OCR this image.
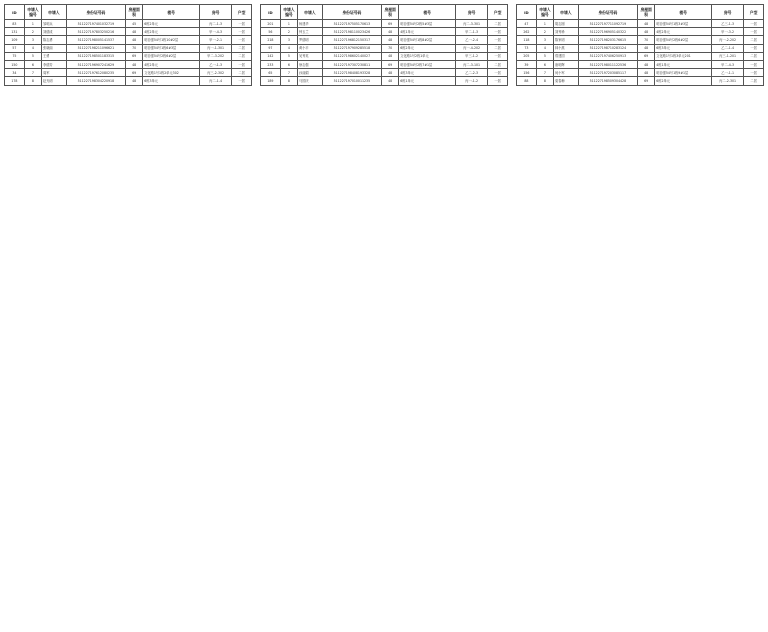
ID	申请人编号	申请人	身份证号码	房屋面积	楼号	房号	户型
83	1	邹明兵	511227197401032719	45	6栋2单元	丙二-1-3	一居
131	2	刘德成	511227197803250216	48	4栋2单元	甲一-4-3	一居
109	3	陈志勇	511227198005141537	48	明自强54号1栋10#2层	甲一-2-1	一居
57	4	张晓丽	511227198211096621	70	明自强54号1栋6#3层	丙一-1-301	二居
75	5	王勇	511227198501183315	69	明自强54号2栋6#2层	甲二-3-202	二居
150	6	李德芳	511227196907241629	48	4栋2单元	乙一-1-3	一居
34	7	周军	511227197612080235	69	文化路1号1栋2单元302	丙三-2-302	二居
178	8	赵光明	511227198304220918	48	6栋3单元	丙二-1-4	一居
ID	申请人编号	申请人	身份证号码	房屋面积	楼号	房号	户型
201	1	杨建华	511227197505170613	69	明自强54号2栋5#3层	丙二-3-301	二居
56	2	钟玉兰	511227198110023426	48	4栋1单元	甲二-1-3	一居
218	3	罗德明	511227196812150317	48	明自强54号1栋8#2层	乙一-2-4	一居
97	4	黄小平	511227197909285518	70	6栋2单元	丙一-4-202	二居
142	5	吴秀英	511227198602140027	48	文化路1号2栋1单元	甲三-1-2	一居
233	6	徐志强	511227197307230811	69	明自强54号2栋7#1层	丙二-3-101	二居
65	7	孙丽娟	511227198408193328	48	4栋3单元	乙二-2-3	一居
189	8	马国庆	511227197010011235	48	6栋1单元	丙一-1-2	一居
ID	申请人编号	申请人	身份证号码	房屋面积	楼号	房号	户型
47	1	胡志刚	511227197711092719	48	明自强54号1栋3#3层	乙三-1-3	一居
262	2	刘秀珍	511227196905140322	48	4栋2单元	甲一-3-2	一居
118	3	陈家明	511227198203176615	70	明自强54号2栋6#2层	丙一-2-202	二居
73	4	林小燕	511227198710283124	48	6栋3单元	乙二-1-4	一居
205	5	郑建国	511227197406250913	69	文化路1号1栋3单元201	丙三-1-201	二居
39	6	唐明辉	511227198011122536	48	4栋1单元	甲二-4-3	一居
156	7	何小军	511227197203085117	48	明自强54号1栋9#1层	乙一-1-1	一居
88	8	梁春梅	511227198509304428	69	6栋2单元	丙二-2-301	二居
